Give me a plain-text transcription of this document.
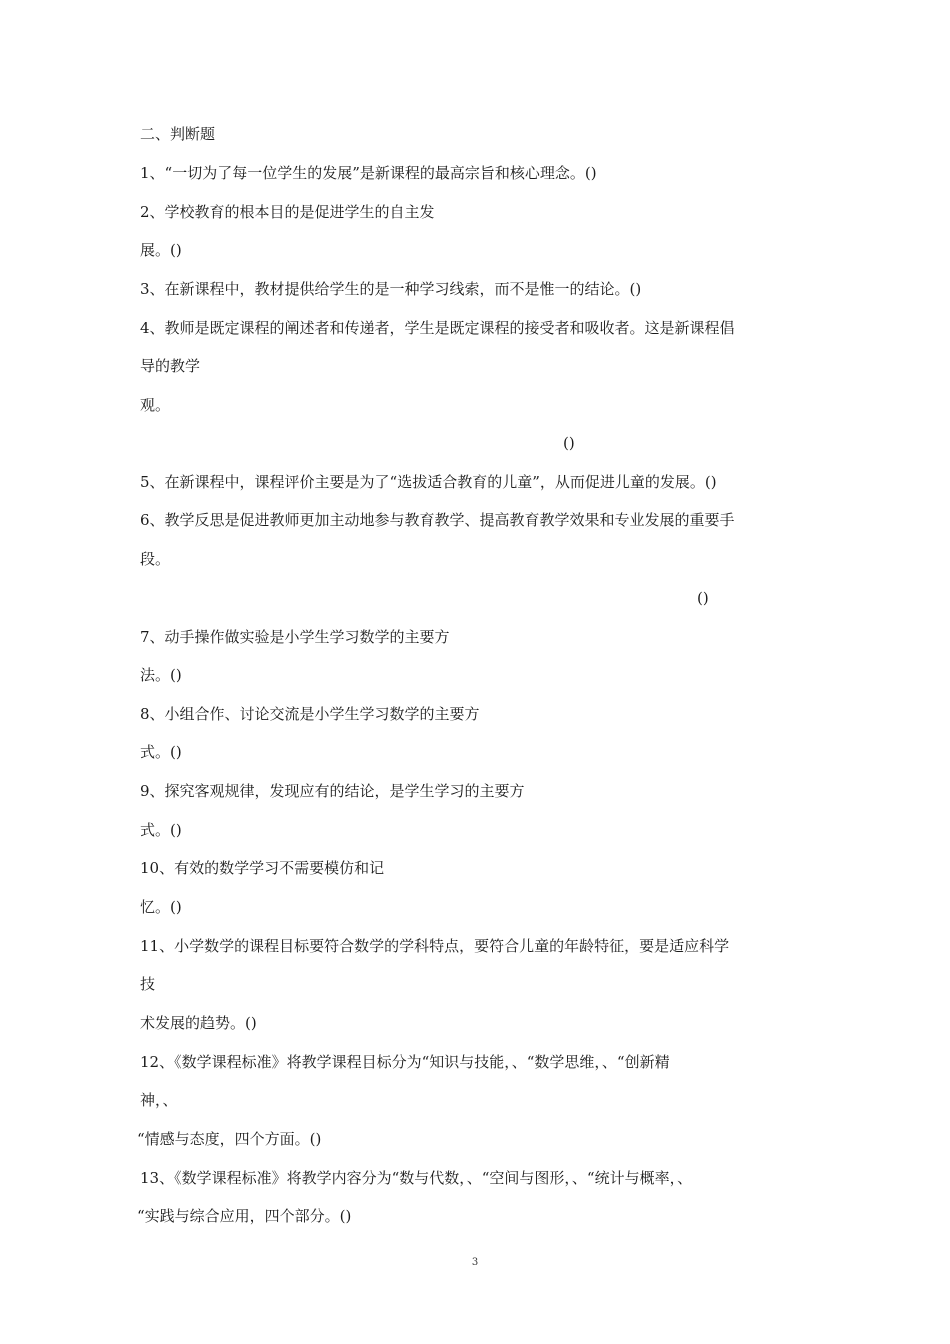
二、判断题
1、“一切为了每一位学生的发展”是新课程的最高宗旨和核心理念。()
2、学校教育的根本目的是促进学生的自主发
展。()
3、在新课程中，教材提供给学生的是一种学习线索，而不是惟一的结论。()
4、教师是既定课程的阐述者和传递者，学生是既定课程的接受者和吸收者。这是新课程倡
导的教学
观。
()
5、在新课程中，课程评价主要是为了“选拔适合教育的儿童”，从而促进儿童的发展。()
6、教学反思是促进教师更加主动地参与教育教学、提高教育教学效果和专业发展的重要手
段。
()
7、动手操作做实验是小学生学习数学的主要方
法。()
8、小组合作、讨论交流是小学生学习数学的主要方
式。()
9、探究客观规律，发现应有的结论，是学生学习的主要方
式。()
10、有效的数学学习不需要模仿和记
忆。()
11、小学数学的课程目标要符合数学的学科特点，要符合儿童的年龄特征，要是适应科学
技
术发展的趋势。()
12、《数学课程标准》将教学课程目标分为“知识与技能，、“数学思维，、“创新精
神，、
“情感与态度，四个方面。()
13、《数学课程标准》将教学内容分为“数与代数，、“空间与图形，、“统计与概率，、
“实践与综合应用，四个部分。()
3
